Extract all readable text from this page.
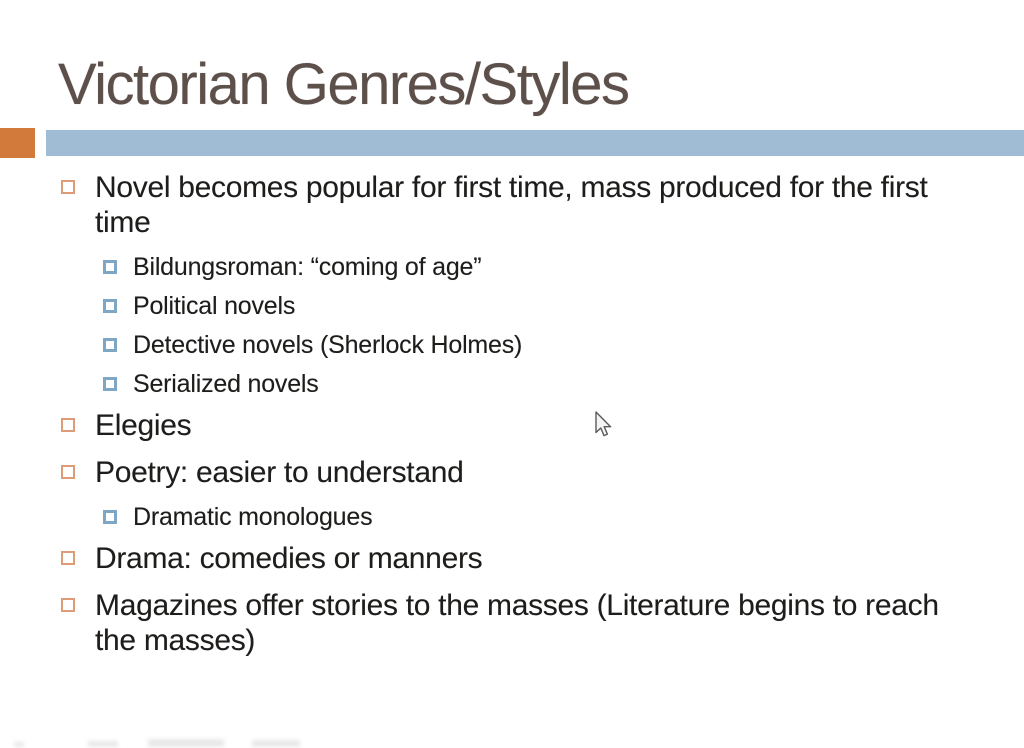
Victorian Genres/Styles
Novel becomes popular for first time, mass produced for the first time
Bildungsroman: “coming of age”
Political novels
Detective novels (Sherlock Holmes)
Serialized novels
Elegies
Poetry: easier to understand
Dramatic monologues
Drama: comedies or manners
Magazines offer stories to the masses (Literature begins to reach the masses)
